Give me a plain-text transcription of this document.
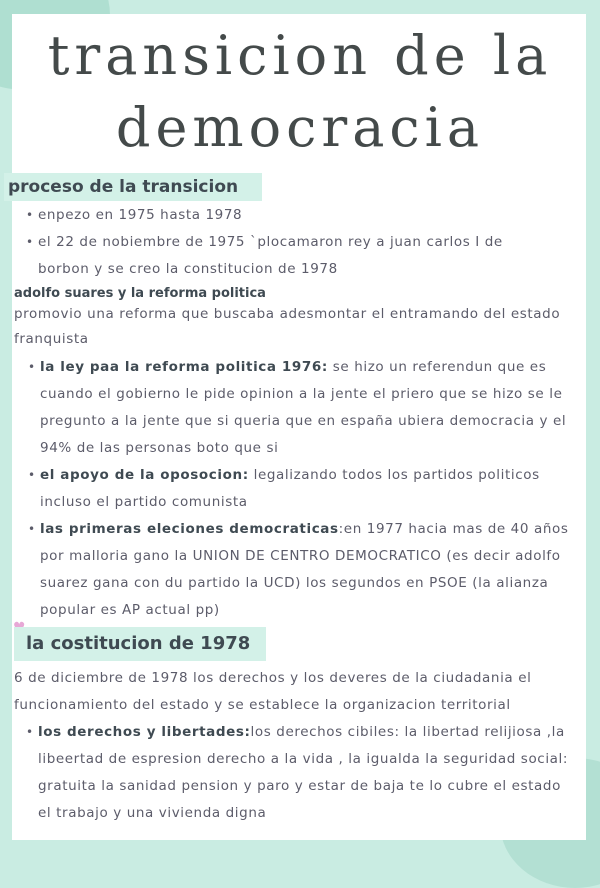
transicion de la
democracia
proceso de la transicion
• enpezo en 1975 hasta 1978
• el 22 de nobiembre de 1975 `plocamaron rey a juan carlos I de borbon y se creo la constitucion de 1978
adolfo suares y la reforma politica

promovio una reforma que buscaba adesmontar el entramando del estado franquista

• la ley paa la reforma politica 1976: se hizo un referendun que es cuando el gobierno le pide opinion a la jente el priero que se hizo se le pregunto a la jente que si queria que en españa ubiera democracia y el 94% de las personas boto que si
• el apoyo de la oposocion: legalizando todos los partidos politicos incluso el partido comunista
• las primeras eleciones democraticas:en 1977 hacia mas de 40 años por malloria gano la UNION DE CENTRO DEMOCRATICO (es decir adolfo suarez gana con du partido la UCD) los segundos en PSOE (la alianza popular es AP actual pp)
la costitucion de 1978

6 de diciembre de 1978 los derechos y los deveres de la ciudadania el funcionamiento del estado y se establece la organizacion territorial

• los derechos y libertades:los derechos cibiles: la libertad relijiosa ,la libeertad de espresion derecho a la vida , la igualda la seguridad social: gratuita la sanidad pension y paro y estar de baja te lo cubre el estado el trabajo y una vivienda digna
